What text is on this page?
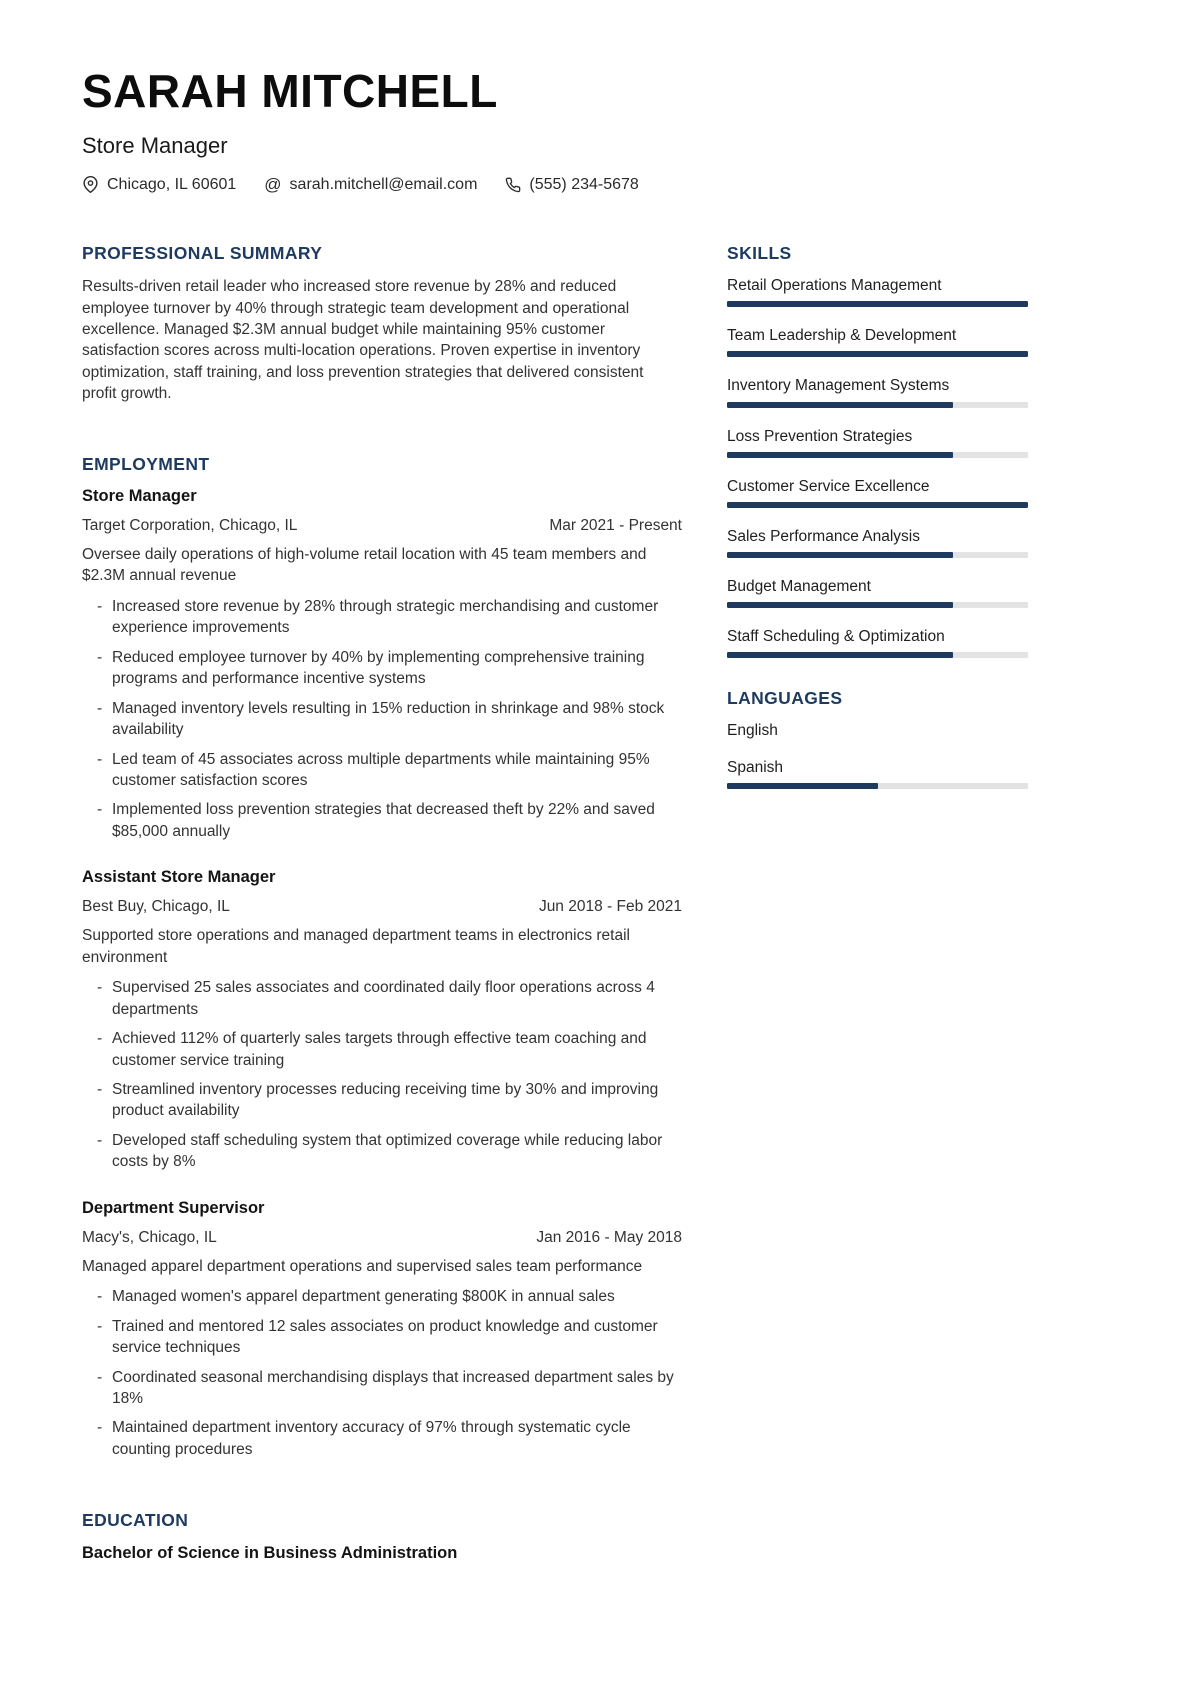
SARAH MITCHELL
Store Manager
Chicago, IL 60601 @ sarah.mitchell@email.com	(555) 234-5678
PROFESSIONAL SUMMARY

Results-driven retail leader who increased store revenue by 28% and reduced employee turnover by 40% through strategic team development and operational excellence. Managed $2.3M annual budget while maintaining 95% customer satisfaction scores across multi-location operations. Proven expertise in inventory optimization, staff training, and loss prevention strategies that delivered consistent profit growth.

EMPLOYMENT
Store Manager
Target Corporation, Chicago, IL	Mar 2021 - Present
Oversee daily operations of high-volume retail location with 45 team members and $2.3M annual revenue
- Increased store revenue by 28% through strategic merchandising and customer experience improvements
- Reduced employee turnover by 40% by implementing comprehensive training programs and performance incentive systems
- Managed inventory levels resulting in 15% reduction in shrinkage and 98% stock availability
- Led team of 45 associates across multiple departments while maintaining 95% customer satisfaction scores
- Implemented loss prevention strategies that decreased theft by 22% and saved $85,000 annually
Assistant Store Manager
Best Buy, Chicago, IL	Jun 2018 - Feb 2021
Supported store operations and managed department teams in electronics retail environment
- Supervised 25 sales associates and coordinated daily floor operations across 4 departments
- Achieved 112% of quarterly sales targets through effective team coaching and customer service training
- Streamlined inventory processes reducing receiving time by 30% and improving product availability
- Developed staff scheduling system that optimized coverage while reducing labor costs by 8%
Department Supervisor
Macy's, Chicago, IL	Jan 2016 - May 2018
Managed apparel department operations and supervised sales team performance
- Managed women's apparel department generating $800K in annual sales
- Trained and mentored 12 sales associates on product knowledge and customer service techniques
- Coordinated seasonal merchandising displays that increased department sales by 18%
- Maintained department inventory accuracy of 97% through systematic cycle counting procedures
EDUCATION
Bachelor of Science in Business Administration
SKILLS
Retail Operations Management
Team Leadership & Development
Inventory Management Systems
Loss Prevention Strategies
Customer Service Excellence
Sales Performance Analysis
Budget Management
Staff Scheduling & Optimization
LANGUAGES
English
Spanish
